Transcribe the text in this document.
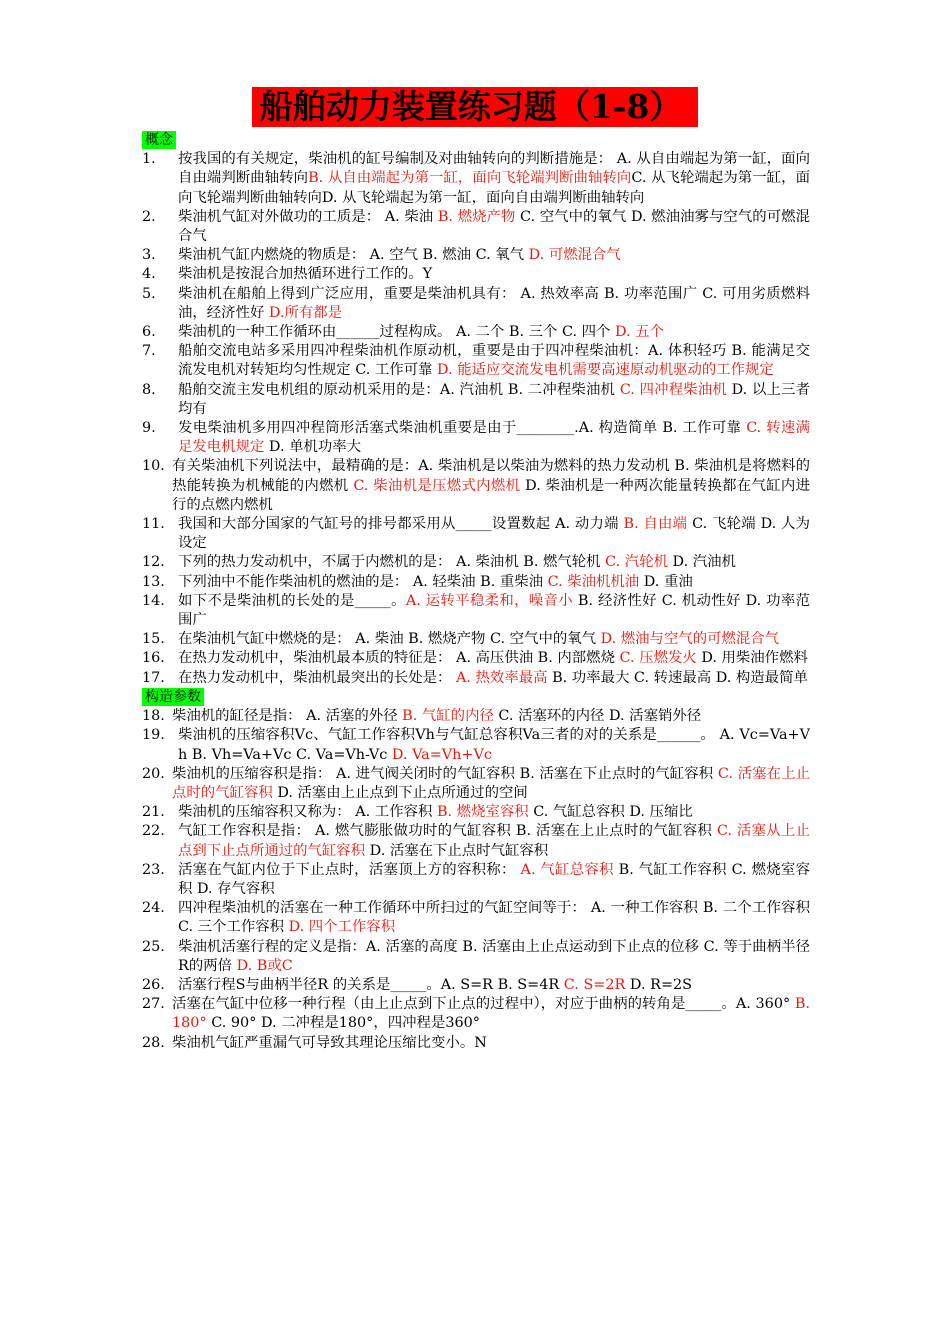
船舶动力装置练习题（1-8）
概念
1.	按我国的有关规定，柴油机的缸号编制及对曲轴转向的判断措施是： A. 从自由端起为第一缸，面向自由端判断曲轴转向B. 从自由端起为第一缸，面向飞轮端判断曲轴转向C. 从飞轮端起为第一缸，面向飞轮端判断曲轴转向D. 从飞轮端起为第一缸，面向自由端判断曲轴转向
2.	柴油机气缸对外做功的工质是： A. 柴油 B. 燃烧产物 C. 空气中的氧气 D. 燃油油雾与空气的可燃混合气
3.	柴油机气缸内燃烧的物质是： A. 空气 B. 燃油 C. 氧气 D. 可燃混合气
4.	柴油机是按混合加热循环进行工作的。Y
5.	柴油机在船舶上得到广泛应用，重要是柴油机具有： A. 热效率高 B. 功率范围广 C. 可用劣质燃料油，经济性好 D.所有都是
6.	柴油机的一种工作循环由______过程构成。 A. 二个 B. 三个 C. 四个 D. 五个
7.	船舶交流电站多采用四冲程柴油机作原动机，重要是由于四冲程柴油机：A. 体积轻巧 B. 能满足交流发电机对转矩均匀性规定 C. 工作可靠 D. 能适应交流发电机需要高速原动机驱动的工作规定
8.	船舶交流主发电机组的原动机采用的是：A. 汽油机 B. 二冲程柴油机 C. 四冲程柴油机 D. 以上三者均有
9.	发电柴油机多用四冲程筒形活塞式柴油机重要是由于________.A. 构造简单 B. 工作可靠 C. 转速满足发电机规定 D. 单机功率大
10. 有关柴油机下列说法中，最精确的是：A. 柴油机是以柴油为燃料的热力发动机 B. 柴油机是将燃料的热能转换为机械能的内燃机 C. 柴油机是压燃式内燃机 D. 柴油机是一种两次能量转换都在气缸内进行的点燃内燃机
11. 我国和大部分国家的气缸号的排号都采用从_____设置数起 A. 动力端 B. 自由端 C. 飞轮端 D. 人为设定
12. 下列的热力发动机中，不属于内燃机的是： A. 柴油机 B. 燃气轮机 C. 汽轮机 D. 汽油机
13. 下列油中不能作柴油机的燃油的是： A. 轻柴油 B. 重柴油 C. 柴油机机油 D. 重油
14. 如下不是柴油机的长处的是_____。A. 运转平稳柔和，噪音小 B. 经济性好 C. 机动性好 D. 功率范围广
15. 在柴油机气缸中燃烧的是： A. 柴油 B. 燃烧产物 C. 空气中的氧气 D. 燃油与空气的可燃混合气
16. 在热力发动机中，柴油机最本质的特征是： A. 高压供油 B. 内部燃烧 C. 压燃发火 D. 用柴油作燃料
17. 在热力发动机中，柴油机最突出的长处是： A. 热效率最高 B. 功率最大 C. 转速最高 D. 构造最简单
构造参数
18. 柴油机的缸径是指： A. 活塞的外径 B. 气缸的内径 C. 活塞环的内径 D. 活塞销外径
19. 柴油机的压缩容积Vc、气缸工作容积Vh与气缸总容积Va三者的对的关系是______。 A. Vc=Va+Vh B. Vh=Va+Vc C. Va=Vh-Vc D. Va=Vh+Vc
20. 柴油机的压缩容积是指： A. 进气阀关闭时的气缸容积 B. 活塞在下止点时的气缸容积 C. 活塞在上止点时的气缸容积 D. 活塞由上止点到下止点所通过的空间
21. 柴油机的压缩容积又称为： A. 工作容积 B. 燃烧室容积 C. 气缸总容积 D. 压缩比
22. 气缸工作容积是指： A. 燃气膨胀做功时的气缸容积 B. 活塞在上止点时的气缸容积 C. 活塞从上止点到下止点所通过的气缸容积 D. 活塞在下止点时气缸容积
23. 活塞在气缸内位于下止点时，活塞顶上方的容积称： A. 气缸总容积 B. 气缸工作容积 C. 燃烧室容积 D. 存气容积
24. 四冲程柴油机的活塞在一种工作循环中所扫过的气缸空间等于： A. 一种工作容积 B. 二个工作容积 C. 三个工作容积 D. 四个工作容积
25. 柴油机活塞行程的定义是指：A. 活塞的高度 B. 活塞由上止点运动到下止点的位移 C. 等于曲柄半径R的两倍 D. B或C
26. 活塞行程S与曲柄半径R 的关系是_____。A. S=R B. S=4R C. S=2R D. R=2S
27. 活塞在气缸中位移一种行程（由上止点到下止点的过程中），对应于曲柄的转角是_____。A. 360° B. 180° C. 90° D. 二冲程是180°，四冲程是360°
28. 柴油机气缸严重漏气可导致其理论压缩比变小。N
